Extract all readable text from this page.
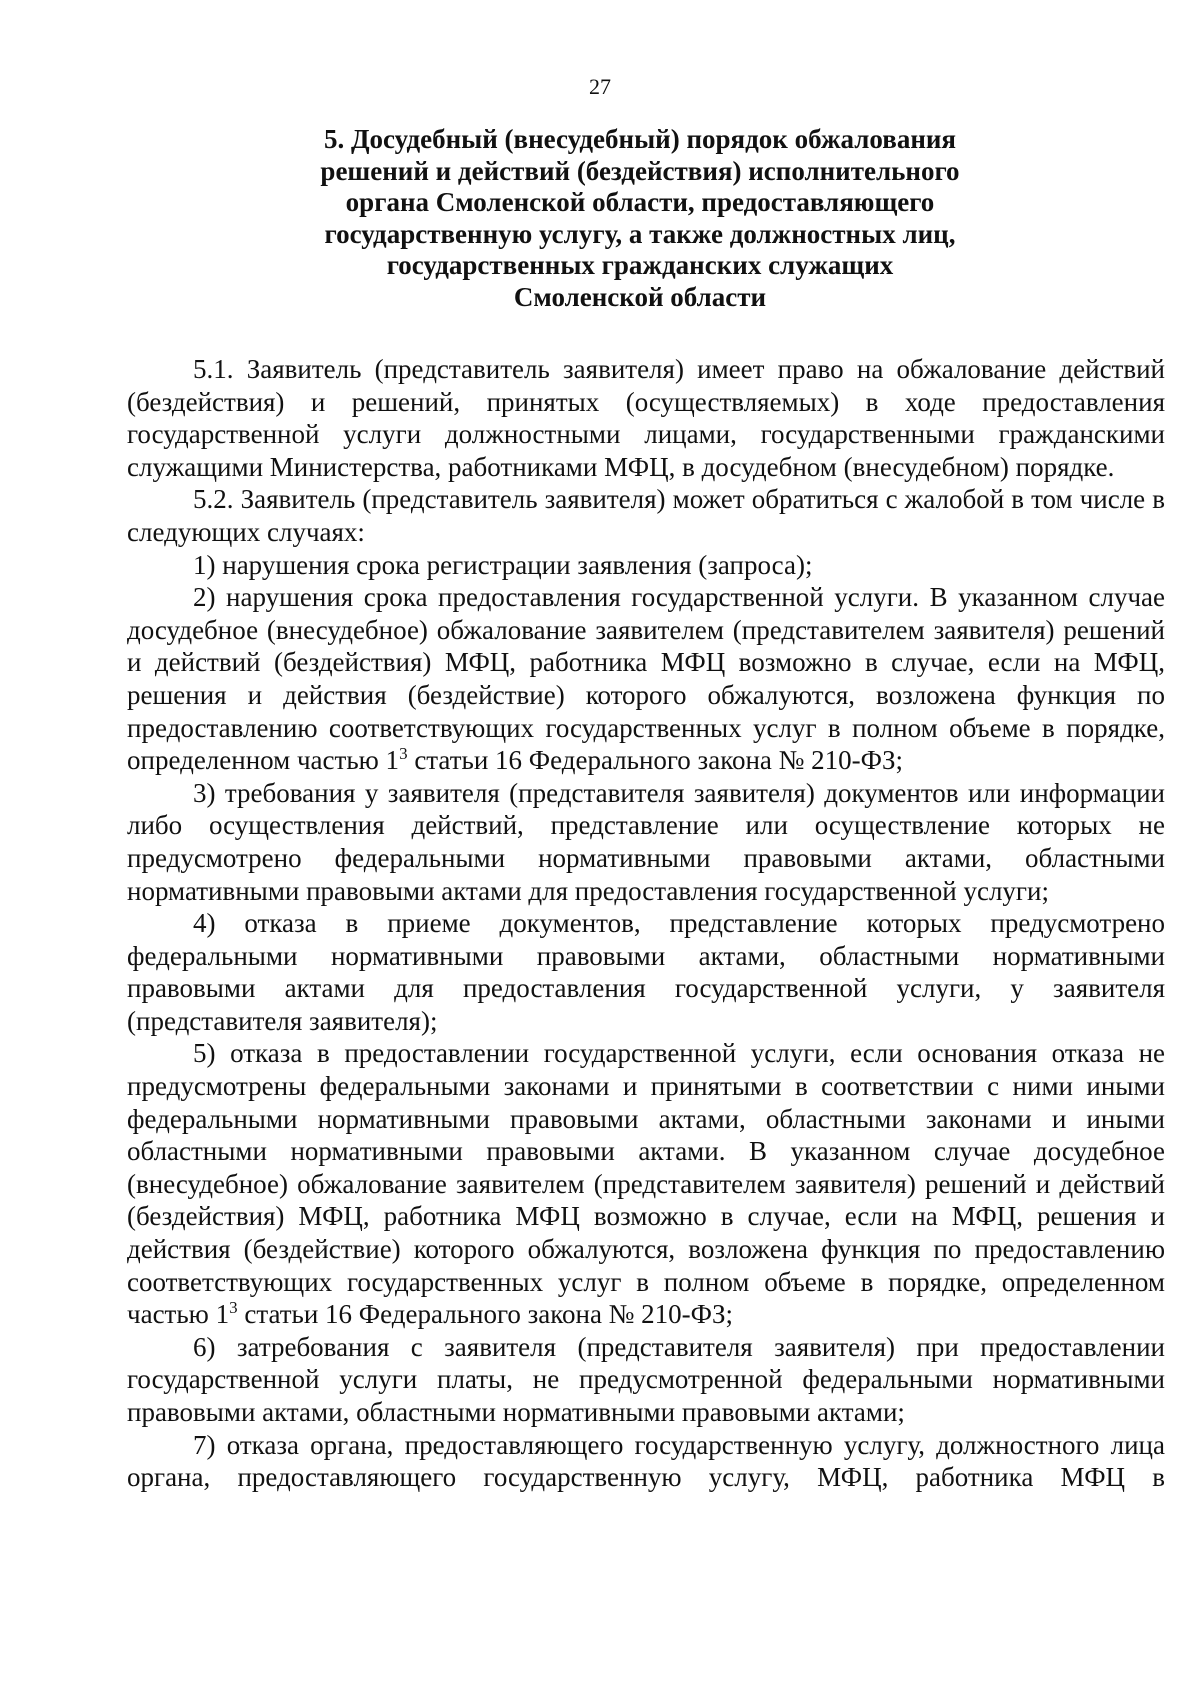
27
5. Досудебный (внесудебный) порядок обжалования
решений и действий (бездействия) исполнительного
органа Смоленской области, предоставляющего
государственную услугу, а также должностных лиц,
государственных гражданских служащих
Смоленской области

5.1. Заявитель (представитель заявителя) имеет право на обжалование действий (бездействия) и решений, принятых (осуществляемых) в ходе предоставления государственной услуги должностными лицами, государственными гражданскими служащими Министерства, работниками МФЦ, в досудебном (внесудебном) порядке.

5.2. Заявитель (представитель заявителя) может обратиться с жалобой в том числе в следующих случаях:

1) нарушения срока регистрации заявления (запроса);

2) нарушения срока предоставления государственной услуги. В указанном случае досудебное (внесудебное) обжалование заявителем (представителем заявителя) решений и действий (бездействия) МФЦ, работника МФЦ возможно в случае, если на МФЦ, решения и действия (бездействие) которого обжалуются, возложена функция по предоставлению соответствующих государственных услуг в полном объеме в порядке, определенном частью $1^3$ статьи 16 Федерального закона № 210-ФЗ;

3) требования у заявителя (представителя заявителя) документов или информации либо осуществления действий, представление или осуществление которых не предусмотрено федеральными нормативными правовыми актами, областными нормативными правовыми актами для предоставления государственной услуги;

4) отказа в приеме документов, представление которых предусмотрено федеральными нормативными правовыми актами, областными нормативными правовыми актами для предоставления государственной услуги, у заявителя (представителя заявителя);

5) отказа в предоставлении государственной услуги, если основания отказа не предусмотрены федеральными законами и принятыми в соответствии с ними иными федеральными нормативными правовыми актами, областными законами и иными областными нормативными правовыми актами. В указанном случае досудебное (внесудебное) обжалование заявителем (представителем заявителя) решений и действий (бездействия) МФЦ, работника МФЦ возможно в случае, если на МФЦ, решения и действия (бездействие) которого обжалуются, возложена функция по предоставлению соответствующих государственных услуг в полном объеме в порядке, определенном частью $1^3$ статьи 16 Федерального закона № 210-ФЗ;

6) затребования с заявителя (представителя заявителя) при предоставлении государственной услуги платы, не предусмотренной федеральными нормативными правовыми актами, областными нормативными правовыми актами;

7) отказа органа, предоставляющего государственную услугу, должностного лица органа, предоставляющего государственную услугу, МФЦ, работника МФЦ в
